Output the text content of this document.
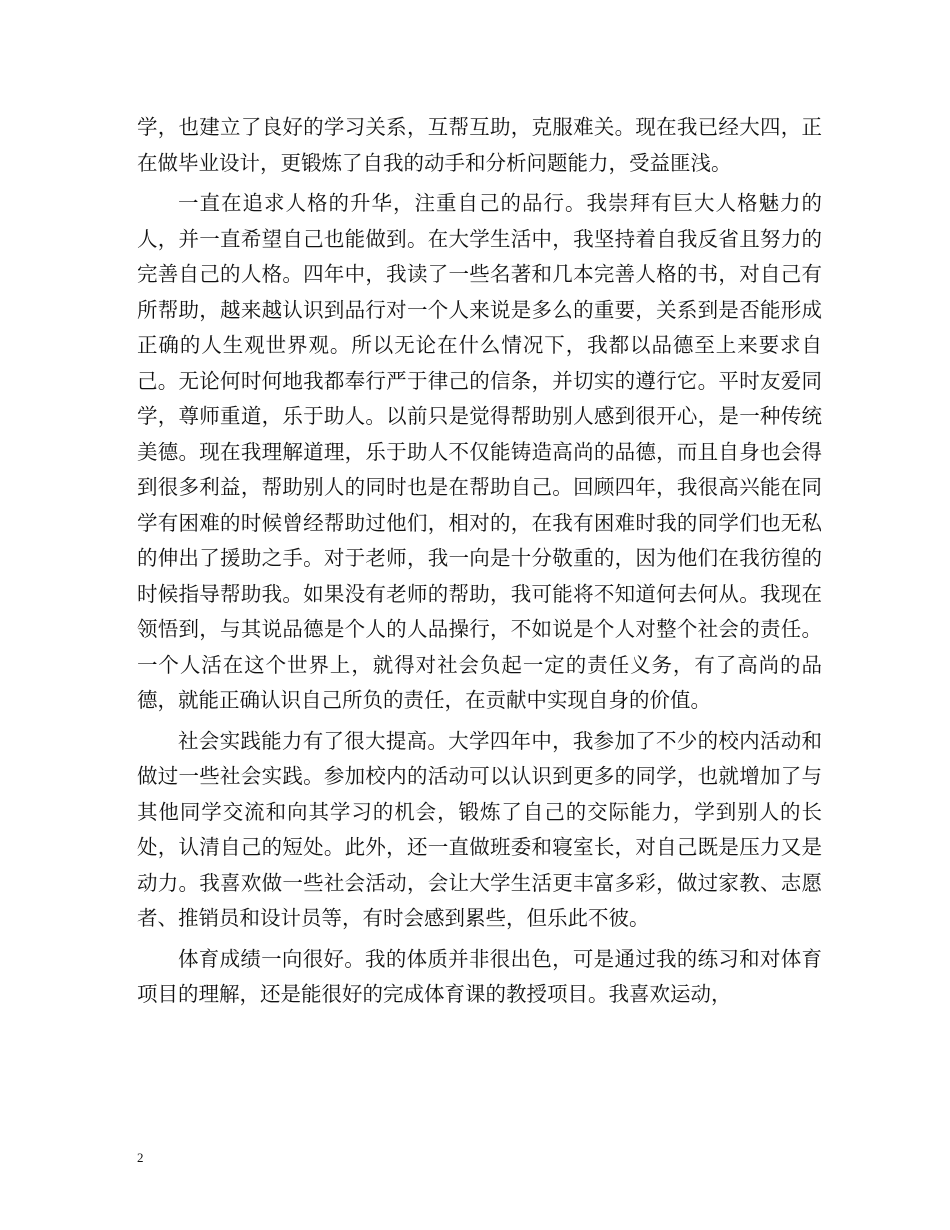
学，也建立了良好的学习关系，互帮互助，克服难关。现在我已经大四，正在做毕业设计，更锻炼了自我的动手和分析问题能力，受益匪浅。

一直在追求人格的升华，注重自己的品行。我崇拜有巨大人格魅力的人，并一直希望自己也能做到。在大学生活中，我坚持着自我反省且努力的完善自己的人格。四年中，我读了一些名著和几本完善人格的书，对自己有所帮助，越来越认识到品行对一个人来说是多么的重要，关系到是否能形成正确的人生观世界观。所以无论在什么情况下，我都以品德至上来要求自己。无论何时何地我都奉行严于律己的信条，并切实的遵行它。平时友爱同学，尊师重道，乐于助人。以前只是觉得帮助别人感到很开心，是一种传统美德。现在我理解道理，乐于助人不仅能铸造高尚的品德，而且自身也会得到很多利益，帮助别人的同时也是在帮助自己。回顾四年，我很高兴能在同学有困难的时候曾经帮助过他们，相对的，在我有困难时我的同学们也无私的伸出了援助之手。对于老师，我一向是十分敬重的，因为他们在我彷徨的时候指导帮助我。如果没有老师的帮助，我可能将不知道何去何从。我现在领悟到，与其说品德是个人的人品操行，不如说是个人对整个社会的责任。一个人活在这个世界上，就得对社会负起一定的责任义务，有了高尚的品德，就能正确认识自己所负的责任，在贡献中实现自身的价值。

社会实践能力有了很大提高。大学四年中，我参加了不少的校内活动和做过一些社会实践。参加校内的活动可以认识到更多的同学，也就增加了与其他同学交流和向其学习的机会，锻炼了自己的交际能力，学到别人的长处，认清自己的短处。此外，还一直做班委和寝室长，对自己既是压力又是动力。我喜欢做一些社会活动，会让大学生活更丰富多彩，做过家教、志愿者、推销员和设计员等，有时会感到累些，但乐此不彼。

体育成绩一向很好。我的体质并非很出色，可是通过我的练习和对体育项目的理解，还是能很好的完成体育课的教授项目。我喜欢运动，

2
